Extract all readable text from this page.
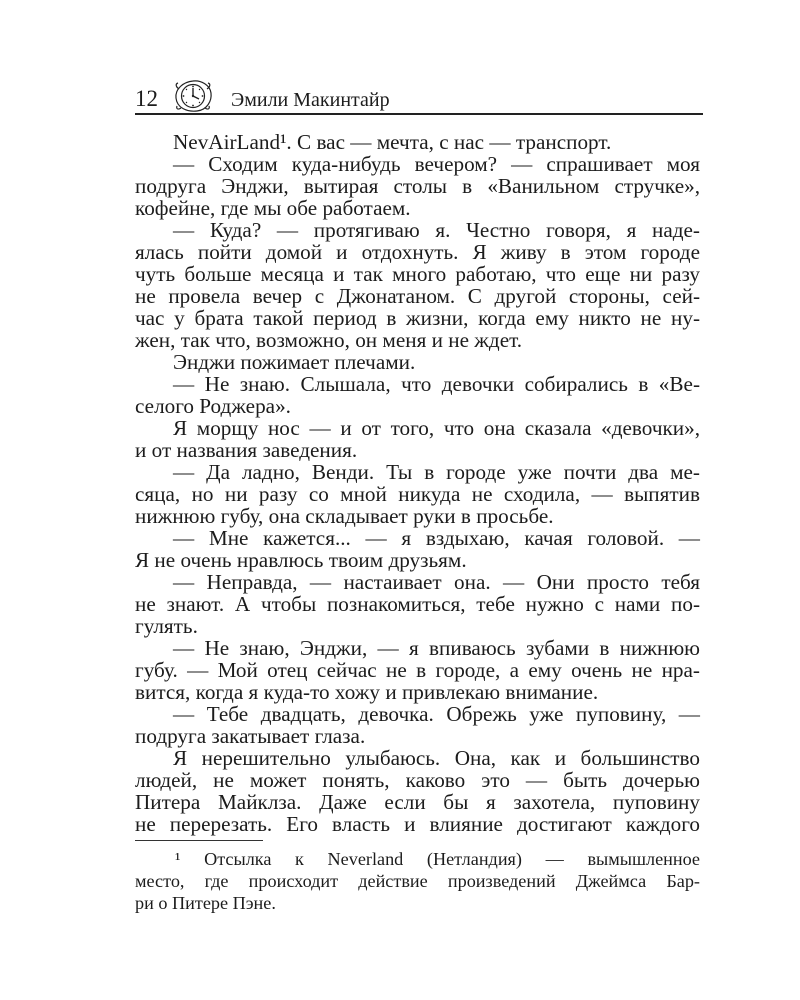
12	Эмили Макинтайр
NevAirLand¹. С вас — мечта, с нас — транспорт.
— Сходим куда-нибудь вечером? — спрашивает моя
подруга Энджи, вытирая столы в «Ванильном стручке»,
кофейне, где мы обе работаем.
— Куда? — протягиваю я. Честно говоря, я наде-
ялась пойти домой и отдохнуть. Я живу в этом городе
чуть больше месяца и так много работаю, что еще ни разу
не провела вечер с Джонатаном. С другой стороны, сей-
час у брата такой период в жизни, когда ему никто не ну-
жен, так что, возможно, он меня и не ждет.
Энджи пожимает плечами.
— Не знаю. Слышала, что девочки собирались в «Ве-
селого Роджера».
Я морщу нос — и от того, что она сказала «девочки»,
и от названия заведения.
— Да ладно, Венди. Ты в городе уже почти два ме-
сяца, но ни разу со мной никуда не сходила, — выпятив
нижнюю губу, она складывает руки в просьбе.
— Мне кажется... — я вздыхаю, качая головой. —
Я не очень нравлюсь твоим друзьям.
— Неправда, — настаивает она. — Они просто тебя
не знают. А чтобы познакомиться, тебе нужно с нами по-
гулять.
— Не знаю, Энджи, — я впиваюсь зубами в нижнюю
губу. — Мой отец сейчас не в городе, а ему очень не нра-
вится, когда я куда-то хожу и привлекаю внимание.
— Тебе двадцать, девочка. Обрежь уже пуповину, —
подруга закатывает глаза.
Я нерешительно улыбаюсь. Она, как и большинство
людей, не может понять, каково это — быть дочерью
Питера Майклза. Даже если бы я захотела, пуповину
не перерезать. Его власть и влияние достигают каждого
¹ Отсылка к Neverland (Нетландия) — вымышленное
место, где происходит действие произведений Джеймса Бар-
ри о Питере Пэне.
